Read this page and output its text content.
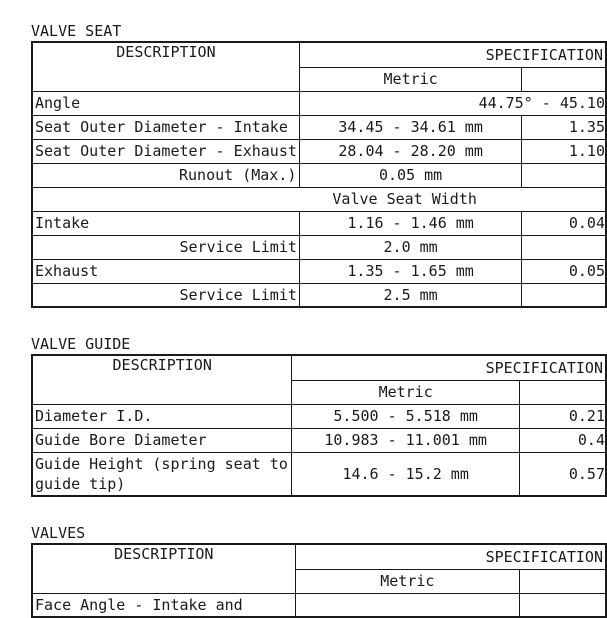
VALVE SEAT
DESCRIPTION	SPECIFICATION	
	Metric	
Angle	44.75° - 45.10	
Seat Outer Diameter - Intake	34.45 - 34.61 mm	1.35
Seat Outer Diameter - Exhaust	28.04 - 28.20 mm	1.10
Runout (Max.)	0.05 mm	
	Valve Seat Width	
Intake	1.16 - 1.46 mm	0.04
Service Limit	2.0 mm	
Exhaust	1.35 - 1.65 mm	0.05
Service Limit	2.5 mm	
VALVE GUIDE
DESCRIPTION	SPECIFICATION	
	Metric	
Diameter I.D.	5.500 - 5.518 mm	0.21
Guide Bore Diameter	10.983 - 11.001 mm	0.4
Guide Height (spring seat to guide tip)	14.6 - 15.2 mm	0.57
VALVES
DESCRIPTION	SPECIFICATION	
	Metric	
Face Angle - Intake and		
